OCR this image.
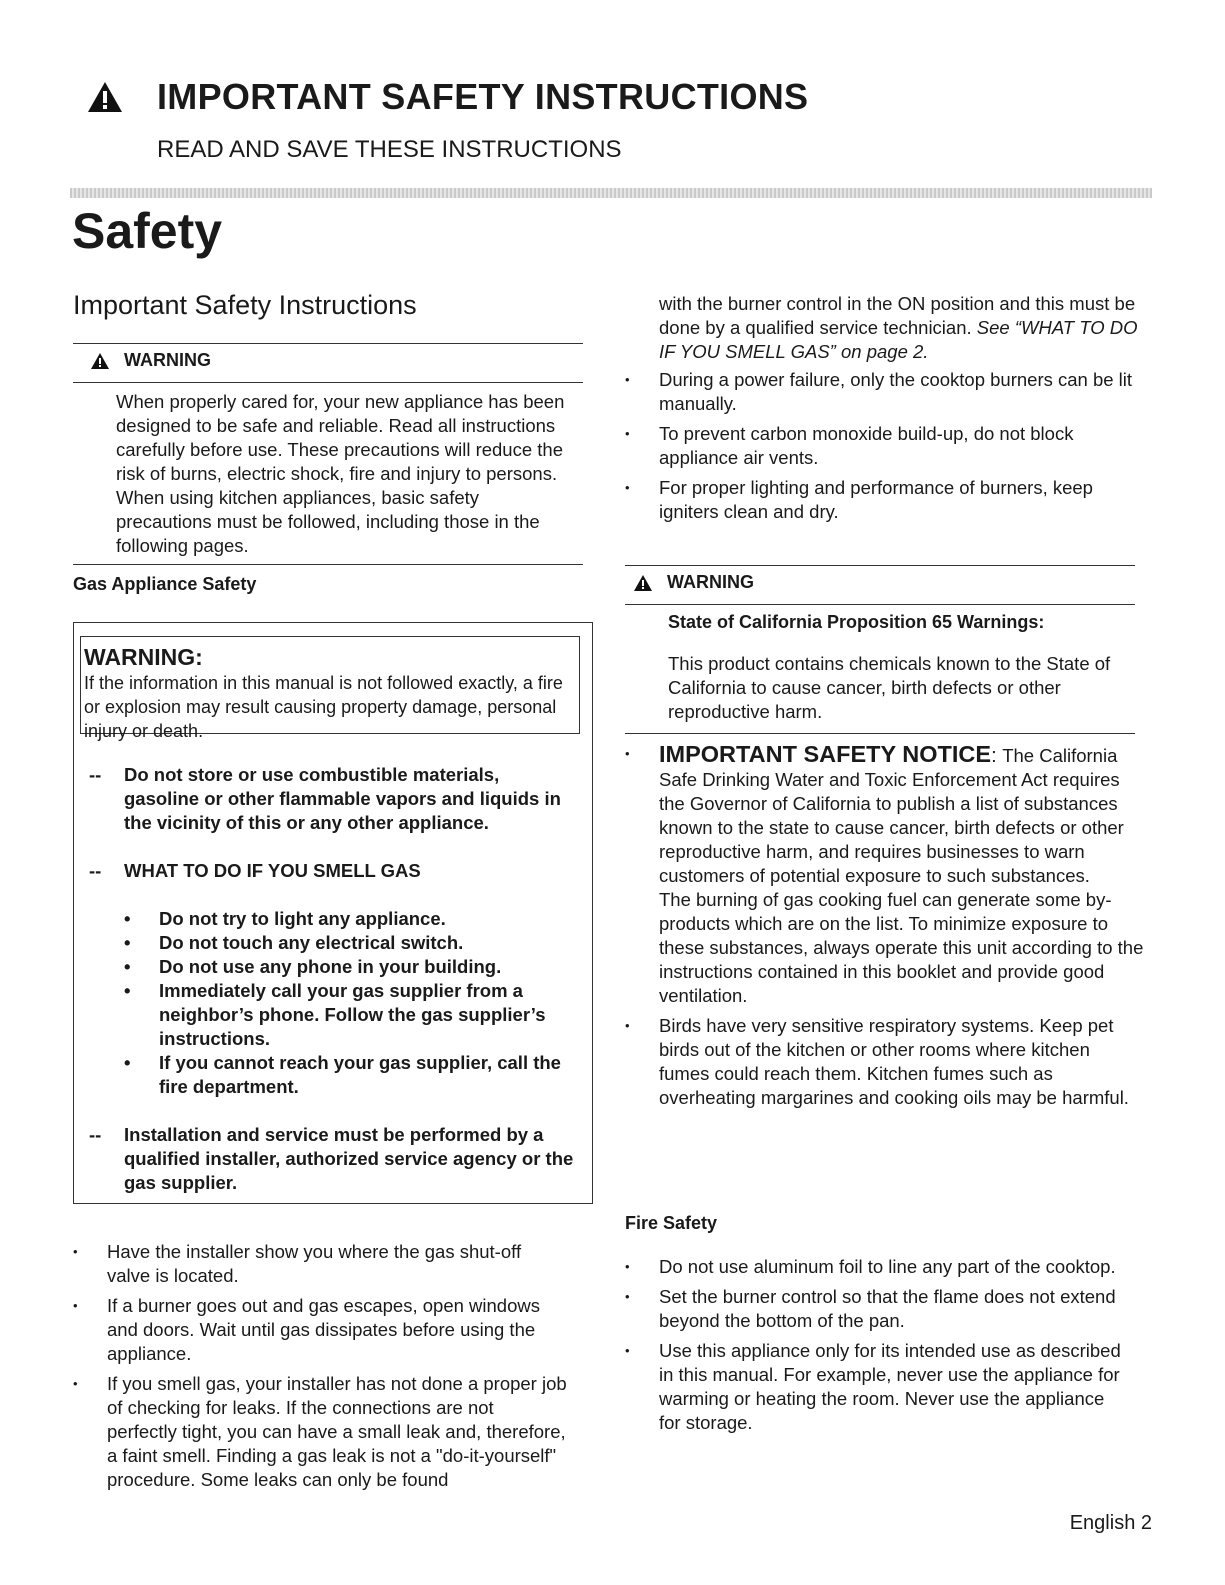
IMPORTANT SAFETY INSTRUCTIONS
READ AND SAVE THESE INSTRUCTIONS
Safety
Important Safety Instructions
WARNING
When properly cared for, your new appliance has been designed to be safe and reliable. Read all instructions carefully before use. These precautions will reduce the risk of burns, electric shock, fire and injury to persons. When using kitchen appliances, basic safety precautions must be followed, including those in the following pages.
Gas Appliance Safety
WARNING:
If the information in this manual is not followed exactly, a fire or explosion may result causing property damage, personal injury or death.
--	Do not store or use combustible materials, gasoline or other flammable vapors and liquids in the vicinity of this or any other appliance.
--	WHAT TO DO IF YOU SMELL GAS
•	Do not try to light any appliance.
•	Do not touch any electrical switch.
•	Do not use any phone in your building.
•	Immediately call your gas supplier from a neighbor’s phone. Follow the gas supplier’s instructions.
•	If you cannot reach your gas supplier, call the fire department.
--	Installation and service must be performed by a qualified installer, authorized service agency or the gas supplier.
• Have the installer show you where the gas shut-off valve is located.
• If a burner goes out and gas escapes, open windows and doors. Wait until gas dissipates before using the appliance.
• If you smell gas, your installer has not done a proper job of checking for leaks. If the connections are not perfectly tight, you can have a small leak and, therefore, a faint smell. Finding a gas leak is not a "do-it-yourself" procedure. Some leaks can only be found
with the burner control in the ON position and this must be done by a qualified service technician. See “WHAT TO DO IF YOU SMELL GAS” on page 2.
• During a power failure, only the cooktop burners can be lit manually.
• To prevent carbon monoxide build-up, do not block appliance air vents.
• For proper lighting and performance of burners, keep igniters clean and dry.
WARNING
State of California Proposition 65 Warnings:
This product contains chemicals known to the State of California to cause cancer, birth defects or other reproductive harm.
• IMPORTANT SAFETY NOTICE: The California Safe Drinking Water and Toxic Enforcement Act requires the Governor of California to publish a list of substances known to the state to cause cancer, birth defects or other reproductive harm, and requires businesses to warn customers of potential exposure to such substances.
The burning of gas cooking fuel can generate some by-products which are on the list. To minimize exposure to these substances, always operate this unit according to the instructions contained in this booklet and provide good ventilation.
• Birds have very sensitive respiratory systems. Keep pet birds out of the kitchen or other rooms where kitchen fumes could reach them. Kitchen fumes such as overheating margarines and cooking oils may be harmful.
Fire Safety
• Do not use aluminum foil to line any part of the cooktop.
• Set the burner control so that the flame does not extend beyond the bottom of the pan.
• Use this appliance only for its intended use as described in this manual. For example, never use the appliance for warming or heating the room. Never use the appliance for storage.
English 2
